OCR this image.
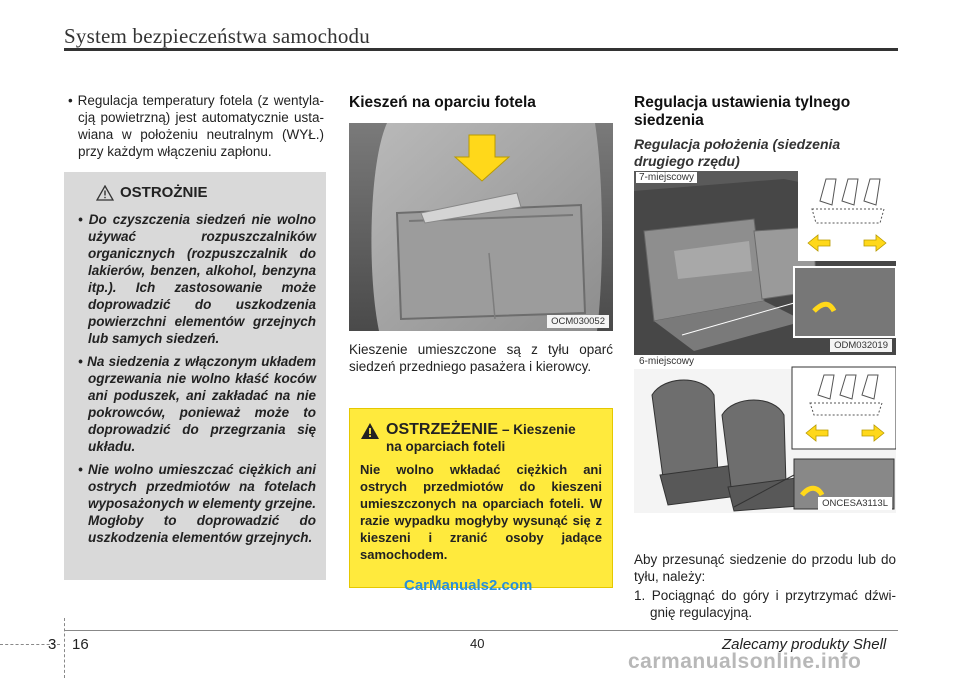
System bezpieczeństwa samochodu
• Regulacja temperatury fotela (z wentylacją powietrzną) jest automatycznie ustawiana w położeniu neutralnym (WYŁ.) przy każdym włączeniu zapłonu.
OSTROŻNIE
• Do czyszczenia siedzeń nie wolno używać rozpuszczalników organicznych (rozpuszczalnik do lakierów, benzen, alkohol, benzyna itp.). Ich zastosowanie może doprowadzić do uszkodzenia powierzchni elementów grzejnych lub samych siedzeń.
• Na siedzenia z włączonym układem ogrzewania nie wolno kłaść koców ani poduszek, ani zakładać na nie pokrowców, ponieważ może to doprowadzić do przegrzania się układu.
• Nie wolno umieszczać ciężkich ani ostrych przedmiotów na fotelach wyposażonych w elementy grzejne. Mogłoby to doprowadzić do uszkodzenia elementów grzejnych.
Kieszeń na oparciu fotela
OCM030052
Kieszenie umieszczone są z tyłu oparć siedzeń przedniego pasażera i kierowcy.
OSTRZEŻENIE – Kieszenie
na oparciach foteli
Nie wolno wkładać ciężkich ani ostrych przedmiotów do kieszeni umieszczonych na oparciach foteli. W razie wypadku mogłyby wysunąć się z kieszeni i zranić osoby jadące samochodem.
CarManuals2.com
Regulacja ustawienia tylnego siedzenia
Regulacja położenia (siedzenia drugiego rzędu)
7-miejscowy
ODM032019
6-miejscowy
ONCESA3113L
Aby przesunąć siedzenie do przodu lub do tyłu, należy:
1. Pociągnąć do góry i przytrzymać dźwignię regulacyjną.
3 16	40	Zalecamy produkty Shell
carmanualsonline.info
